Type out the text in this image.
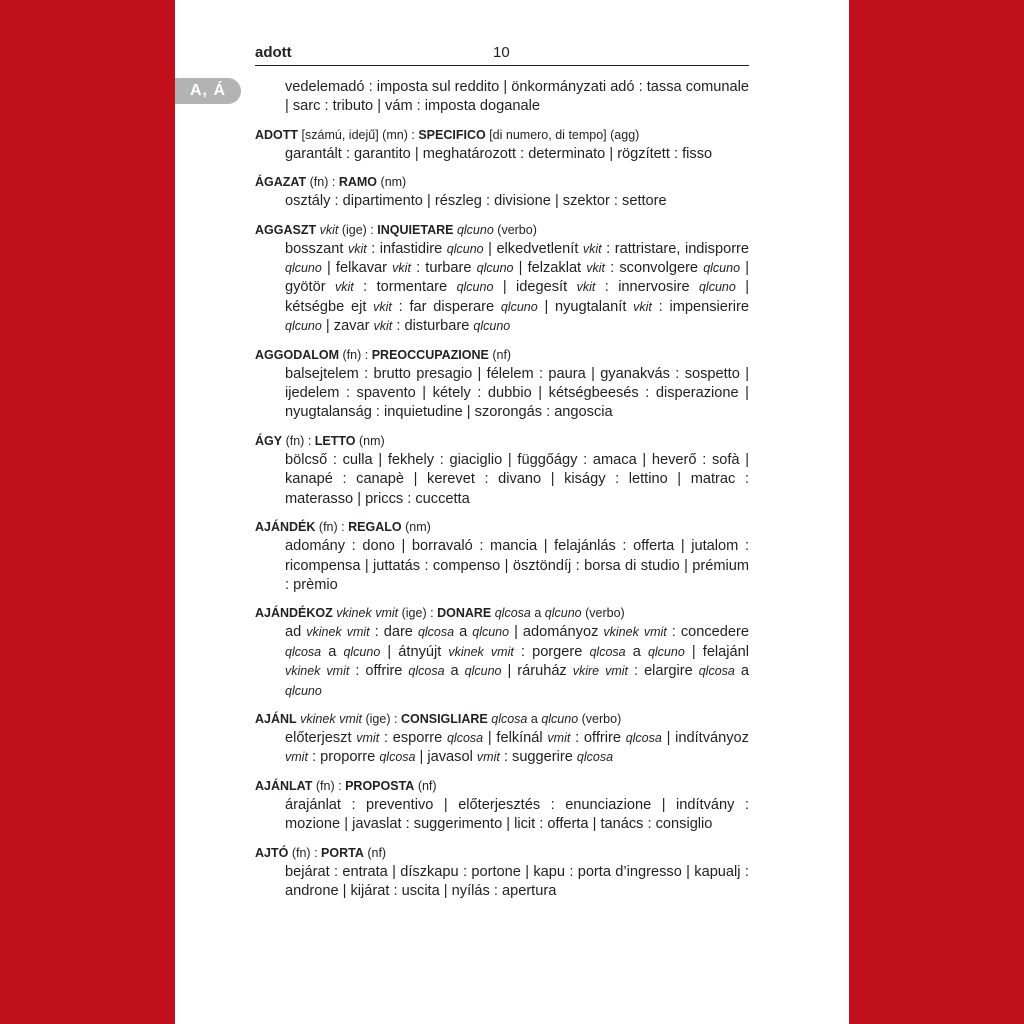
A, Á
adott	10
vedelemadó : imposta sul reddito | önkormányzati adó : tassa comunale | sarc : tributo | vám : imposta doganale
ADOTT [számú, idejű] (mn) : SPECIFICO [di numero, di tempo] (agg)
garantált : garantito | meghatározott : determinato | rögzített : fisso
ÁGAZAT (fn) : RAMO (nm)
osztály : dipartimento | részleg : divisione | szektor : settore
AGGASZT vkit (ige) : INQUIETARE qlcuno (verbo)
bosszant vkit : infastidire qlcuno | elkedvetlenít vkit : rattristare, indisporre qlcuno | felkavar vkit : turbare qlcuno | felzaklat vkit : sconvolgere qlcuno | gyötör vkit : tormentare qlcuno | idegesít vkit : innervosire qlcuno | kétségbe ejt vkit : far disperare qlcuno | nyugtalanít vkit : impensierire qlcuno | zavar vkit : disturbare qlcuno
AGGODALOM (fn) : PREOCCUPAZIONE (nf)
balsejtelem : brutto presagio | félelem : paura | gyanakvás : sospetto | ijedelem : spavento | kétely : dubbio | kétségbeesés : disperazione | nyugtalanság : inquietudine | szorongás : angoscia
ÁGY (fn) : LETTO (nm)
bölcső : culla | fekhely : giaciglio | függőágy : amaca | heverő : sofà | kanapé : canapè | kerevet : divano | kiságy : lettino | matrac : materasso | priccs : cuccetta
AJÁNDÉK (fn) : REGALO (nm)
adomány : dono | borravaló : mancia | felajánlás : offerta | jutalom : ricompensa | juttatás : compenso | ösztöndíj : borsa di studio | prémium : prèmio
AJÁNDÉKOZ vkinek vmit (ige) : DONARE qlcosa a qlcuno (verbo)
ad vkinek vmit : dare qlcosa a qlcuno | adományoz vkinek vmit : concedere qlcosa a qlcuno | átnyújt vkinek vmit : porgere qlcosa a qlcuno | felajánl vkinek vmit : offrire qlcosa a qlcuno | ráruház vkire vmit : elargire qlcosa a qlcuno
AJÁNL vkinek vmit (ige) : CONSIGLIARE qlcosa a qlcuno (verbo)
előterjeszt vmit : esporre qlcosa | felkínál vmit : offrire qlcosa | indítványoz vmit : proporre qlcosa | javasol vmit : suggerire qlcosa
AJÁNLAT (fn) : PROPOSTA (nf)
árajánlat : preventivo | előterjesztés : enunciazione | indítvány : mozione | javaslat : suggerimento | licit : offerta | tanács : consiglio
AJTÓ (fn) : PORTA (nf)
bejárat : entrata | díszkapu : portone | kapu : porta d’ingresso | kapualj : androne | kijárat : uscita | nyílás : apertura
